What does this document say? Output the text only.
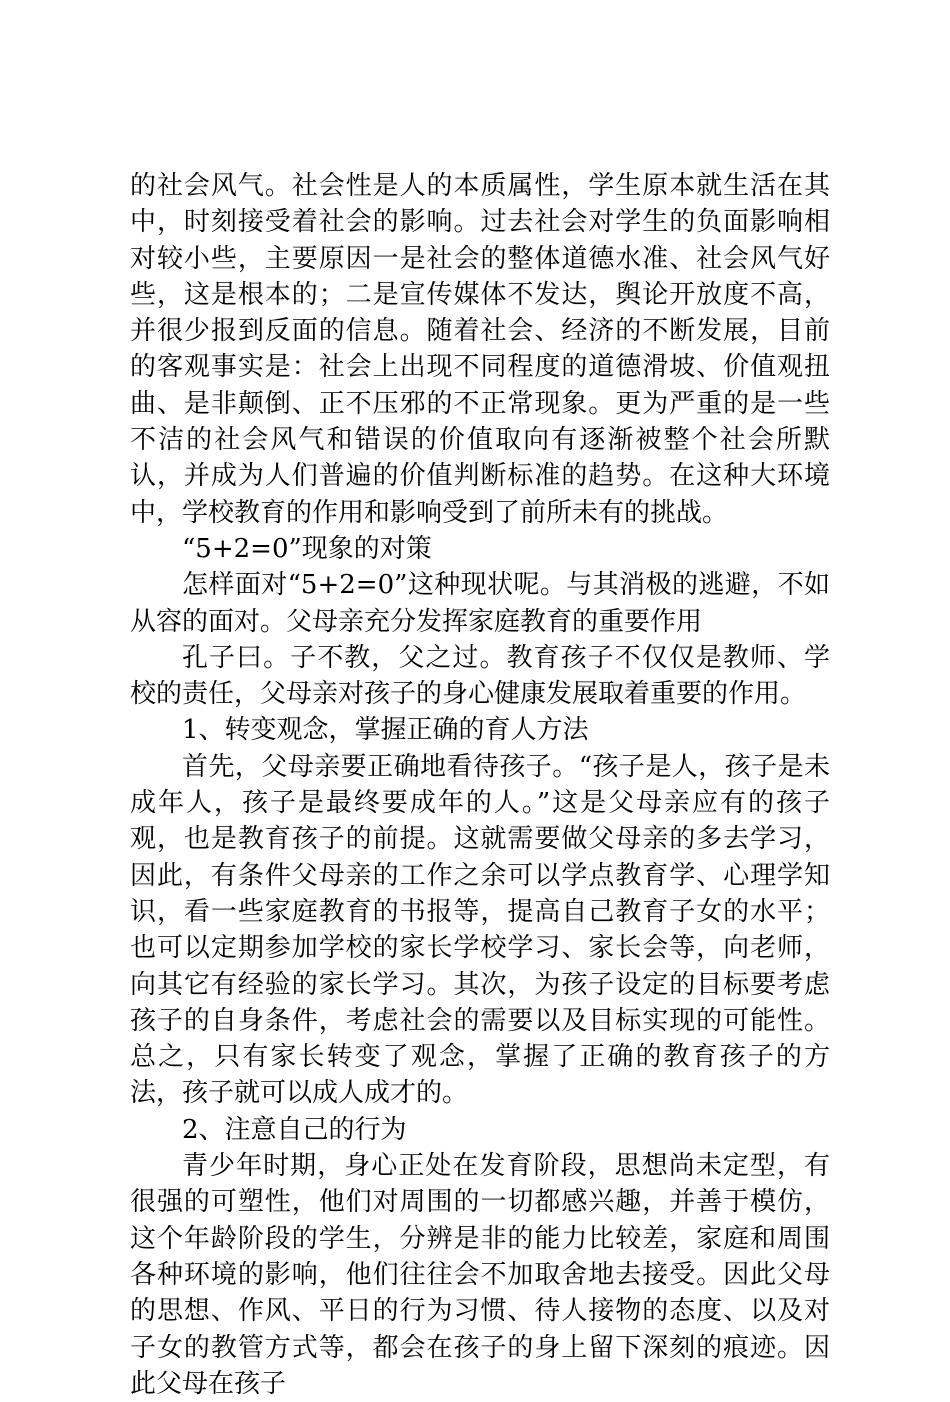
的社会风气。社会性是人的本质属性，学生原本就生活在其中，时刻接受着社会的影响。过去社会对学生的负面影响相对较小些，主要原因一是社会的整体道德水准、社会风气好些，这是根本的；二是宣传媒体不发达，舆论开放度不高，并很少报到反面的信息。随着社会、经济的不断发展，目前的客观事实是：社会上出现不同程度的道德滑坡、价值观扭曲、是非颠倒、正不压邪的不正常现象。更为严重的是一些不洁的社会风气和错误的价值取向有逐渐被整个社会所默认，并成为人们普遍的价值判断标准的趋势。在这种大环境中，学校教育的作用和影响受到了前所未有的挑战。

“5+2=0”现象的对策

怎样面对“5+2=0”这种现状呢。与其消极的逃避，不如从容的面对。父母亲充分发挥家庭教育的重要作用

孔子曰。子不教，父之过。教育孩子不仅仅是教师、学校的责任，父母亲对孩子的身心健康发展取着重要的作用。

1、转变观念，掌握正确的育人方法

首先，父母亲要正确地看待孩子。“孩子是人，孩子是未成年人，孩子是最终要成年的人。”这是父母亲应有的孩子观，也是教育孩子的前提。这就需要做父母亲的多去学习，因此，有条件父母亲的工作之余可以学点教育学、心理学知识，看一些家庭教育的书报等，提高自己教育子女的水平；也可以定期参加学校的家长学校学习、家长会等，向老师，向其它有经验的家长学习。其次，为孩子设定的目标要考虑孩子的自身条件，考虑社会的需要以及目标实现的可能性。总之，只有家长转变了观念，掌握了正确的教育孩子的方法，孩子就可以成人成才的。

2、注意自己的行为

青少年时期，身心正处在发育阶段，思想尚未定型，有很强的可塑性，他们对周围的一切都感兴趣，并善于模仿，这个年龄阶段的学生，分辨是非的能力比较差，家庭和周围各种环境的影响，他们往往会不加取舍地去接受。因此父母的思想、作风、平日的行为习惯、待人接物的态度、以及对子女的教管方式等，都会在孩子的身上留下深刻的痕迹。因此父母在孩子
